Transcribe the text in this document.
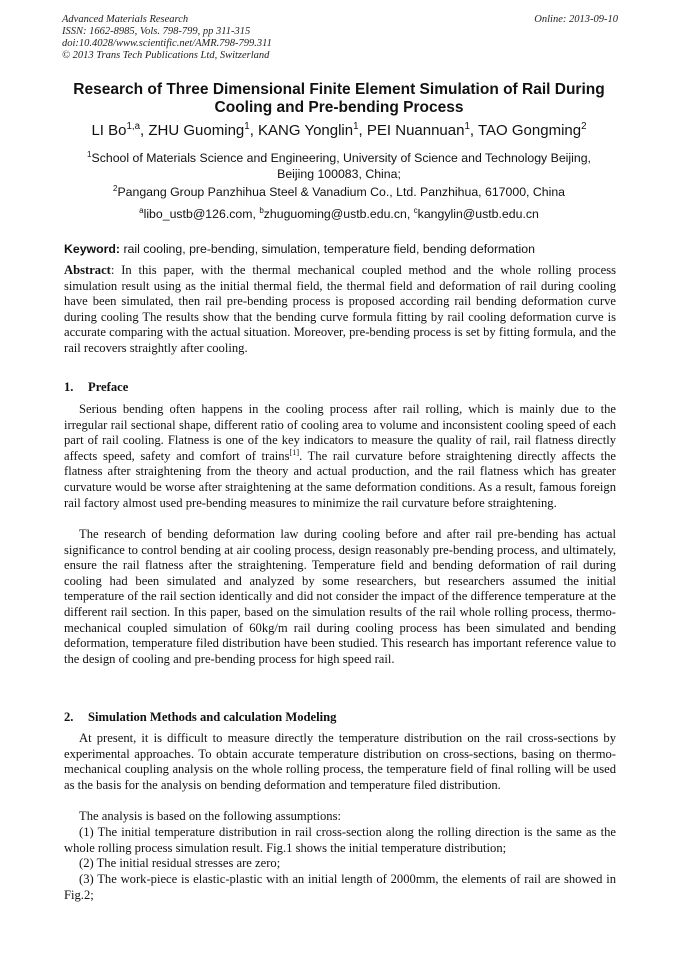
Advanced Materials Research
ISSN: 1662-8985, Vols. 798-799, pp 311-315
doi:10.4028/www.scientific.net/AMR.798-799.311
© 2013 Trans Tech Publications Ltd, Switzerland
Online: 2013-09-10
Research of Three Dimensional Finite Element Simulation of Rail During
Cooling and Pre-bending Process
LI Bo$^{1,a}$, ZHU Guoming$^1$, KANG Yonglin$^1$, PEI Nuannuan$^1$, TAO Gongming$^2$
$^1$School of Materials Science and Engineering, University of Science and Technology Beijing,
Beijing 100083, China;
$^2$Pangang Group Panzhihua Steel & Vanadium Co., Ltd. Panzhihua, 617000, China
$^a$libo_ustb@126.com, $^b$zhuguoming@ustb.edu.cn, $^c$kangylin@ustb.edu.cn
Keyword: rail cooling, pre-bending, simulation, temperature field, bending deformation

Abstract: In this paper, with the thermal mechanical coupled method and the whole rolling process simulation result using as the initial thermal field, the thermal field and deformation of rail during cooling have been simulated, then rail pre-bending process is proposed according rail bending deformation curve during cooling The results show that the bending curve formula fitting by rail cooling deformation curve is accurate comparing with the actual situation. Moreover, pre-bending process is set by fitting formula, and the rail recovers straightly after cooling.

1. Preface

Serious bending often happens in the cooling process after rail rolling, which is mainly due to the irregular rail sectional shape, different ratio of cooling area to volume and inconsistent cooling speed of each part of rail cooling. Flatness is one of the key indicators to measure the quality of rail, rail flatness directly affects speed, safety and comfort of trains[1]. The rail curvature before straightening directly affects the flatness after straightening from the theory and actual production, and the rail flatness which has greater curvature would be worse after straightening at the same deformation conditions. As a result, famous foreign rail factory almost used pre-bending measures to minimize the rail curvature before straightening.

The research of bending deformation law during cooling before and after rail pre-bending has actual significance to control bending at air cooling process, design reasonably pre-bending process, and ultimately, ensure the rail flatness after the straightening. Temperature field and bending deformation of rail during cooling had been simulated and analyzed by some researchers, but researchers assumed the initial temperature of the rail section identically and did not consider the impact of the difference temperature at the different rail section. In this paper, based on the simulation results of the rail whole rolling process, thermo-mechanical coupled simulation of 60kg/m rail during cooling process has been simulated and bending deformation, temperature filed distribution have been studied. This research has important reference value to the design of cooling and pre-bending process for high speed rail.

2. Simulation Methods and calculation Modeling

At present, it is difficult to measure directly the temperature distribution on the rail cross-sections by experimental approaches. To obtain accurate temperature distribution on cross-sections, basing on thermo-mechanical coupling analysis on the whole rolling process, the temperature field of final rolling will be used as the basis for the analysis on bending deformation and temperature filed distribution.

The analysis is based on the following assumptions:

(1) The initial temperature distribution in rail cross-section along the rolling direction is the same as the whole rolling process simulation result. Fig.1 shows the initial temperature distribution;

(2) The initial residual stresses are zero;

(3) The work-piece is elastic-plastic with an initial length of 2000mm, the elements of rail are showed in Fig.2;
